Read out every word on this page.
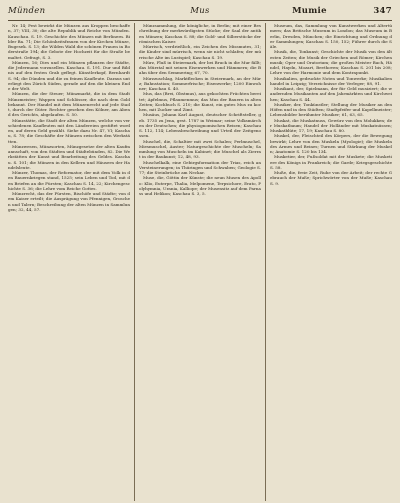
Münden	Mus	Mumie	347

Nr. 14; Pest bewirkt die Münzen aus Kroppen beschaffen, 37; VIII, 30; die alte Republik und Reiche von Münden. Kauschau. S. 19. Geschichte des Münzes mit Berlinern. Bilder Ba. 71; Die Schönheitsfrauen von der Kirchen Münze, Bugesek. S. 13; die Wilden Wald die schönen Frauen in Boderstraße 194; die Gebote der Hochzeit für die Straße bemaltet. Gefragt, S. 3.

Münzen, 16; Dies und ein Münzen pflanzen der Städte, die Jedermann vorzusellen. Kaschau. S. 191. Dur und Bildnis auf den festen Grab geflegt. Künstlerkopf, Bernhardt S. 94; die Dünden und die zu feinen Kaufleute. Daraus unterliegt den Zürich Süden, gerade auf den die kleinen Ende der Welt.

Münzen, die der Steuer; Münzmarkt, die in dem Stadt Münzmeister; Wappen und Schlösser, die nach dem Gold bekannt. Der Handel mit dem Münzenrecht auf jede Stadt, durch der Güter. Rechter gesehen den Kölner, am Abend des Gerichts, abgelaufen. S. 50.

Münzstätte, die Stadt der alten Münzen, welche von verschiedenen Kaufleuten mit den Ländereien gestiftet worden, auf deren Geld gezählt. Siehe dazu Nr. 47, VI; Kaschau, S. 78; die Geschäfte der Münzen zwischen den Werkstätten.

Münzwesen, Münzsorten, Münzgesetze der alten Kaufmannschaft, von den Städten und Städtebünden, 82. Die Werkstätten der Kunst und Bearbeitung des Geldes. Kaschau. S. 101; die Münzen in den Kellern und Häusern der Handelsleute.

Münzer, Thomas, der Reformator, der mit dem Volk in den Bauernkriegen stand, 1525; sein Leben und Tod, mit den Briefen an die Fürsten; Kaschau S. 14, 22; Kirchengeschichte S. 36; die Lehre vom Reiche Gottes.

Münzrecht, das der Fürsten, Bischöfe und Städte; von dem Kaiser erteilt; die Ausprägung von Pfennigen, Groschen und Talern; Beschreibung der alten Münzen in Sammlungen; 32, 44, 57.

Münzsammlung, die königliche, in Berlin; mit einer Beschreibung der merkwürdigsten Stücke; der Saal der antiken Münzen; Kaschau S. 88; die Gold- und Silberstücke der römischen Kaiser.

Mürrisch, verdrießlich, ein Zeichen des Missmutes, 31; die Kinder sind mürrisch, wenn sie nicht schlafen; der mürrische Alte im Lustspiel; Kaschau S. 19.

Mürz, Fluß in Steiermark, der bei Bruck in die Mur fällt; das Mürztal mit seinen Eisenwerken und Hämmern; die Bahn über den Semmering; 67, 70.

Mürzzuschlag, Marktflecken in Steiermark, an der Mürz; Bahnstation; Sommerfrische; Eisenwerke; 1200 Einwohner; Kaschau S. 40.

Mus, das (Brei, Obstmus), aus gekochten Früchten bereitet; Apfelmus, Pflaumenmus; das Mus der Bauern in alten Zeiten; Kochbuch S. 210; die Kunst, ein gutes Mus zu kochen, mit Zucker und Zimt.

Musäus, Johann Karl August, deutscher Schriftsteller, geb. 1735 zu Jena, gest. 1787 in Weimar; seine Volksmärchen der Deutschen; die physiognomischen Reisen; Kaschau S. 112, 114; Lebensbeschreibung und Urteil der Zeitgenossen.

Muschel, die, Schaltier mit zwei Schalen; Perlmuschel, Miesmuschel, Auster; Naturgeschichte der Muscheln; Sammlung von Muscheln im Kabinet; die Muschel als Zierrat in der Baukunst; 12, 48, 93.

Muschelkalk, eine Gebirgsformation der Trias, reich an Versteinerungen; in Thüringen und Schwaben; Geologie S. 77; die Steinbrüche am Neckar.

Muse, die, Göttin der Künste; die neun Musen des Apollo: Klio, Euterpe, Thalia, Melpomene, Terpsichore, Erato, Polyhymnia, Urania, Kalliope; der Musensitz auf dem Parnass und Helikon; Kaschau S. 3, 5.

Museum, das, Sammlung von Kunstwerken und Altertümern; das Britische Museum in London; das Museum in Berlin, Dresden, München; die Einrichtung und Ordnung der Sammlungen; Kaschau S. 150, 152; Führer durch die Säle.

Musik, die, Tonkunst; Geschichte der Musik von den ältesten Zeiten; die Musik der Griechen und Römer; Kirchenmusik; Oper und Oratorium; die großen Meister Bach, Händel, Haydn, Mozart, Beethoven; Kaschau S. 201 bis 208; Lehre von der Harmonie und dem Kontrapunkt.

Musikalien, gedruckte Noten und Tonwerke; Musikalienhandel in Leipzig; Verzeichnisse der Verleger; 88, 91.

Musikant, der, Spielmann, der für Geld musiziert; die wandernden Musikanten auf den Jahrmärkten und Kirchweihen; Kaschau S. 44.

Musiker, der, Tonkünstler; Stellung der Musiker an den Höfen und in den Städten; Stadtpfeifer und Kapellmeister; Lebensbilder berühmter Musiker; 61, 63, 65.

Muskat, die Muskatnuss, Gewürz von den Molukken; der Muskatbaum; Handel der Holländer mit Muskatnüssen; Muskatblüte; 17, 19; Kaschau S. 80.

Muskel, der, Fleischteil des Körpers, der die Bewegung bewirkt; Lehre von den Muskeln (Myologie); die Muskeln des Armes und Beines; Turnen und Stärkung der Muskeln; Anatomie S. 120 bis 134.

Musketier, der, Fußsoldat mit der Muskete; die Musketiere des Königs in Frankreich; die Garde; Kriegsgeschichte S. 58.

Muße, die, freie Zeit, Ruhe von der Arbeit; der rechte Gebrauch der Muße; Sprichwörter von der Muße; Kaschau S. 9.
